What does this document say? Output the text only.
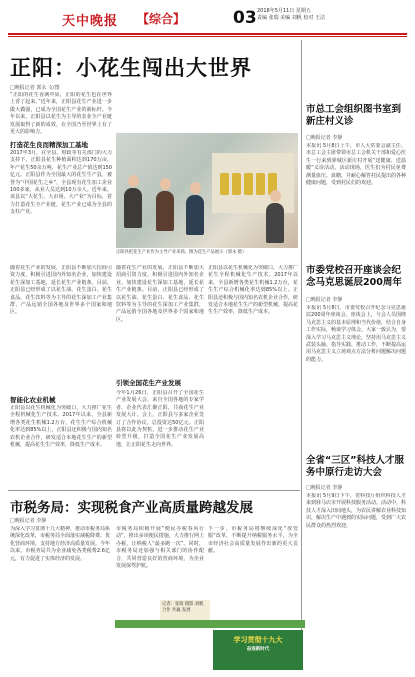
天中晚报 【综合】	03 2018年5月11日 星期五
责编 张瑞 美编 刘帆 校对 王洁
正阳：小花生闯出大世界
□晚报记者 郭永 文/图
“正阳的花生香满中原，正阳的花生也在世界上香了起来。”近年来，正阳县花生产业进一步做大做强，已成为全国花生产业的新标杆。今年以来，正阳县以花生为主导的农业全产业链发展取得了新的成效，在全国乃至世界上有了更大的影响力。
打造花生良而精深加工基地
2017年3月，在全县、财政等有关部门的大力支持下，正阳县花生种植面积达到170万亩，年产花生50余万吨，花生产业总产值达到150亿元。正阳县作为全国最大的花生生产县，被誉为“中国花生之乡”，全县现有花生加工企业100多家，从业人员达到10万余人。近年来，该县以“大花生、大市场、大产业”为目标，着力打造花生全产业链，花生产业已成为全县的支柱产业。
正阳县把花生产业作为主导产业来抓，图为花生产品展示（郭永 摄）
随着花生产业的发展，正阳县不断加大招商引资力度，积极引进国内外知名企业，加快建设花生深加工基地，延长花生产业链条。目前，正阳县已经形成了以花生油、花生蛋白、花生食品、花生饮料等为主导的花生深加工产业集群，产品远销全国各地及世界多个国家和地区。
智能化农业机械
正阳县以花生机械化为突破口，大力推广花生全程机械化生产技术。2017年以来，全县新增各类花生机械1.2万台，花生生产综合机械化率达到85%以上。正阳县还积极与国内知名农机企业合作，研发适合本地花生生产的新型机械，提高花生生产效率，降低生产成本。
随着花生产业的发展，正阳县不断加大招商引资力度，积极引进国内外知名企业，加快建设花生深加工基地，延长花生产业链条。目前，正阳县已经形成了以花生油、花生蛋白、花生食品、花生饮料等为主导的花生深加工产业集群，产品远销全国各地及世界多个国家和地区。
引领全国花生产业发展
今年1月26日，正阳县召开了全国花生产业发展大会，来自全国各地的专家学者、企业代表汇聚正阳，共商花生产业发展大计。会上，正阳县与多家企业签订了合作协议，总投资达50亿元。正阳县将以此为契机，进一步推动花生产业转型升级，打造全国花生产业发展高地，让正阳花生走向世界。
正阳县以花生机械化为突破口，大力推广花生全程机械化生产技术。2017年以来，全县新增各类花生机械1.2万台，花生生产综合机械化率达到85%以上。正阳县还积极与国内知名农机企业合作，研发适合本地花生生产的新型机械，提高花生生产效率，降低生产成本。
市总工会组织图书室到新庄村义诊
□晚报记者 李静
本报讯 5月8日上午，市人大常委会副主任、市总工会主席带领市总工会机关干部和爱心医生一行来到驿城区新庄村开展“送健康、送温暖”义诊活动。活动现场，医生们为村民免费测量血压、血糖，并耐心解答村民提出的各种健康问题，受到村民们的欢迎。
市委党校召开座谈会纪念马克思诞辰200周年
□晚报记者 李静
本报讯 5月8日，市委党校召开纪念马克思诞辰200周年座谈会。座谈会上，与会人员围绕马克思主义的基本原理和当代价值，结合自身工作实际，畅谈学习体会。大家一致认为，要深入学习马克思主义理论，坚持用马克思主义武装头脑、指导实践、推动工作，不断提高运用马克思主义立场观点方法分析问题解决问题的能力。
全省“三区”科技人才服务中原行走访大会
□晚报记者 李静
本报讯 5月9日下午，省科技厅组织科技人才来到驿马店市开展科技服务活动。活动中，科技人才深入田间地头，为农民讲解农业科技知识，解决生产中遇到的实际问题，受到广大农民群众的热烈欢迎。
市税务局：实现税食产业高质量跨越发展
□晚报记者 李静
为深入学习贯彻十九大精神，推动市税务局系统深化改革，市税务局全面落实减税降费、优化营商环境，支持地方经济高质量发展。今年以来，市税务局共为企业减免各类税费2.6亿元，有力促进了实体经济的发展。
市税务局积极开展“便民办税春风行动”，推出多项便民措施，大力推行网上办税，让纳税人“最多跑一次”。同时，市税务局还加强与相关部门的协作配合，共同营造良好的营商环境，为企业发展保驾护航。
下一步，市税务局将继续深化“放管服”改革，不断提升纳税服务水平，为全市经济社会高质量发展作出新的更大贡献。
记者：张瑞 摄影 刘帆 合作 共赢 发展
学习贯彻十九大
奋进新时代
